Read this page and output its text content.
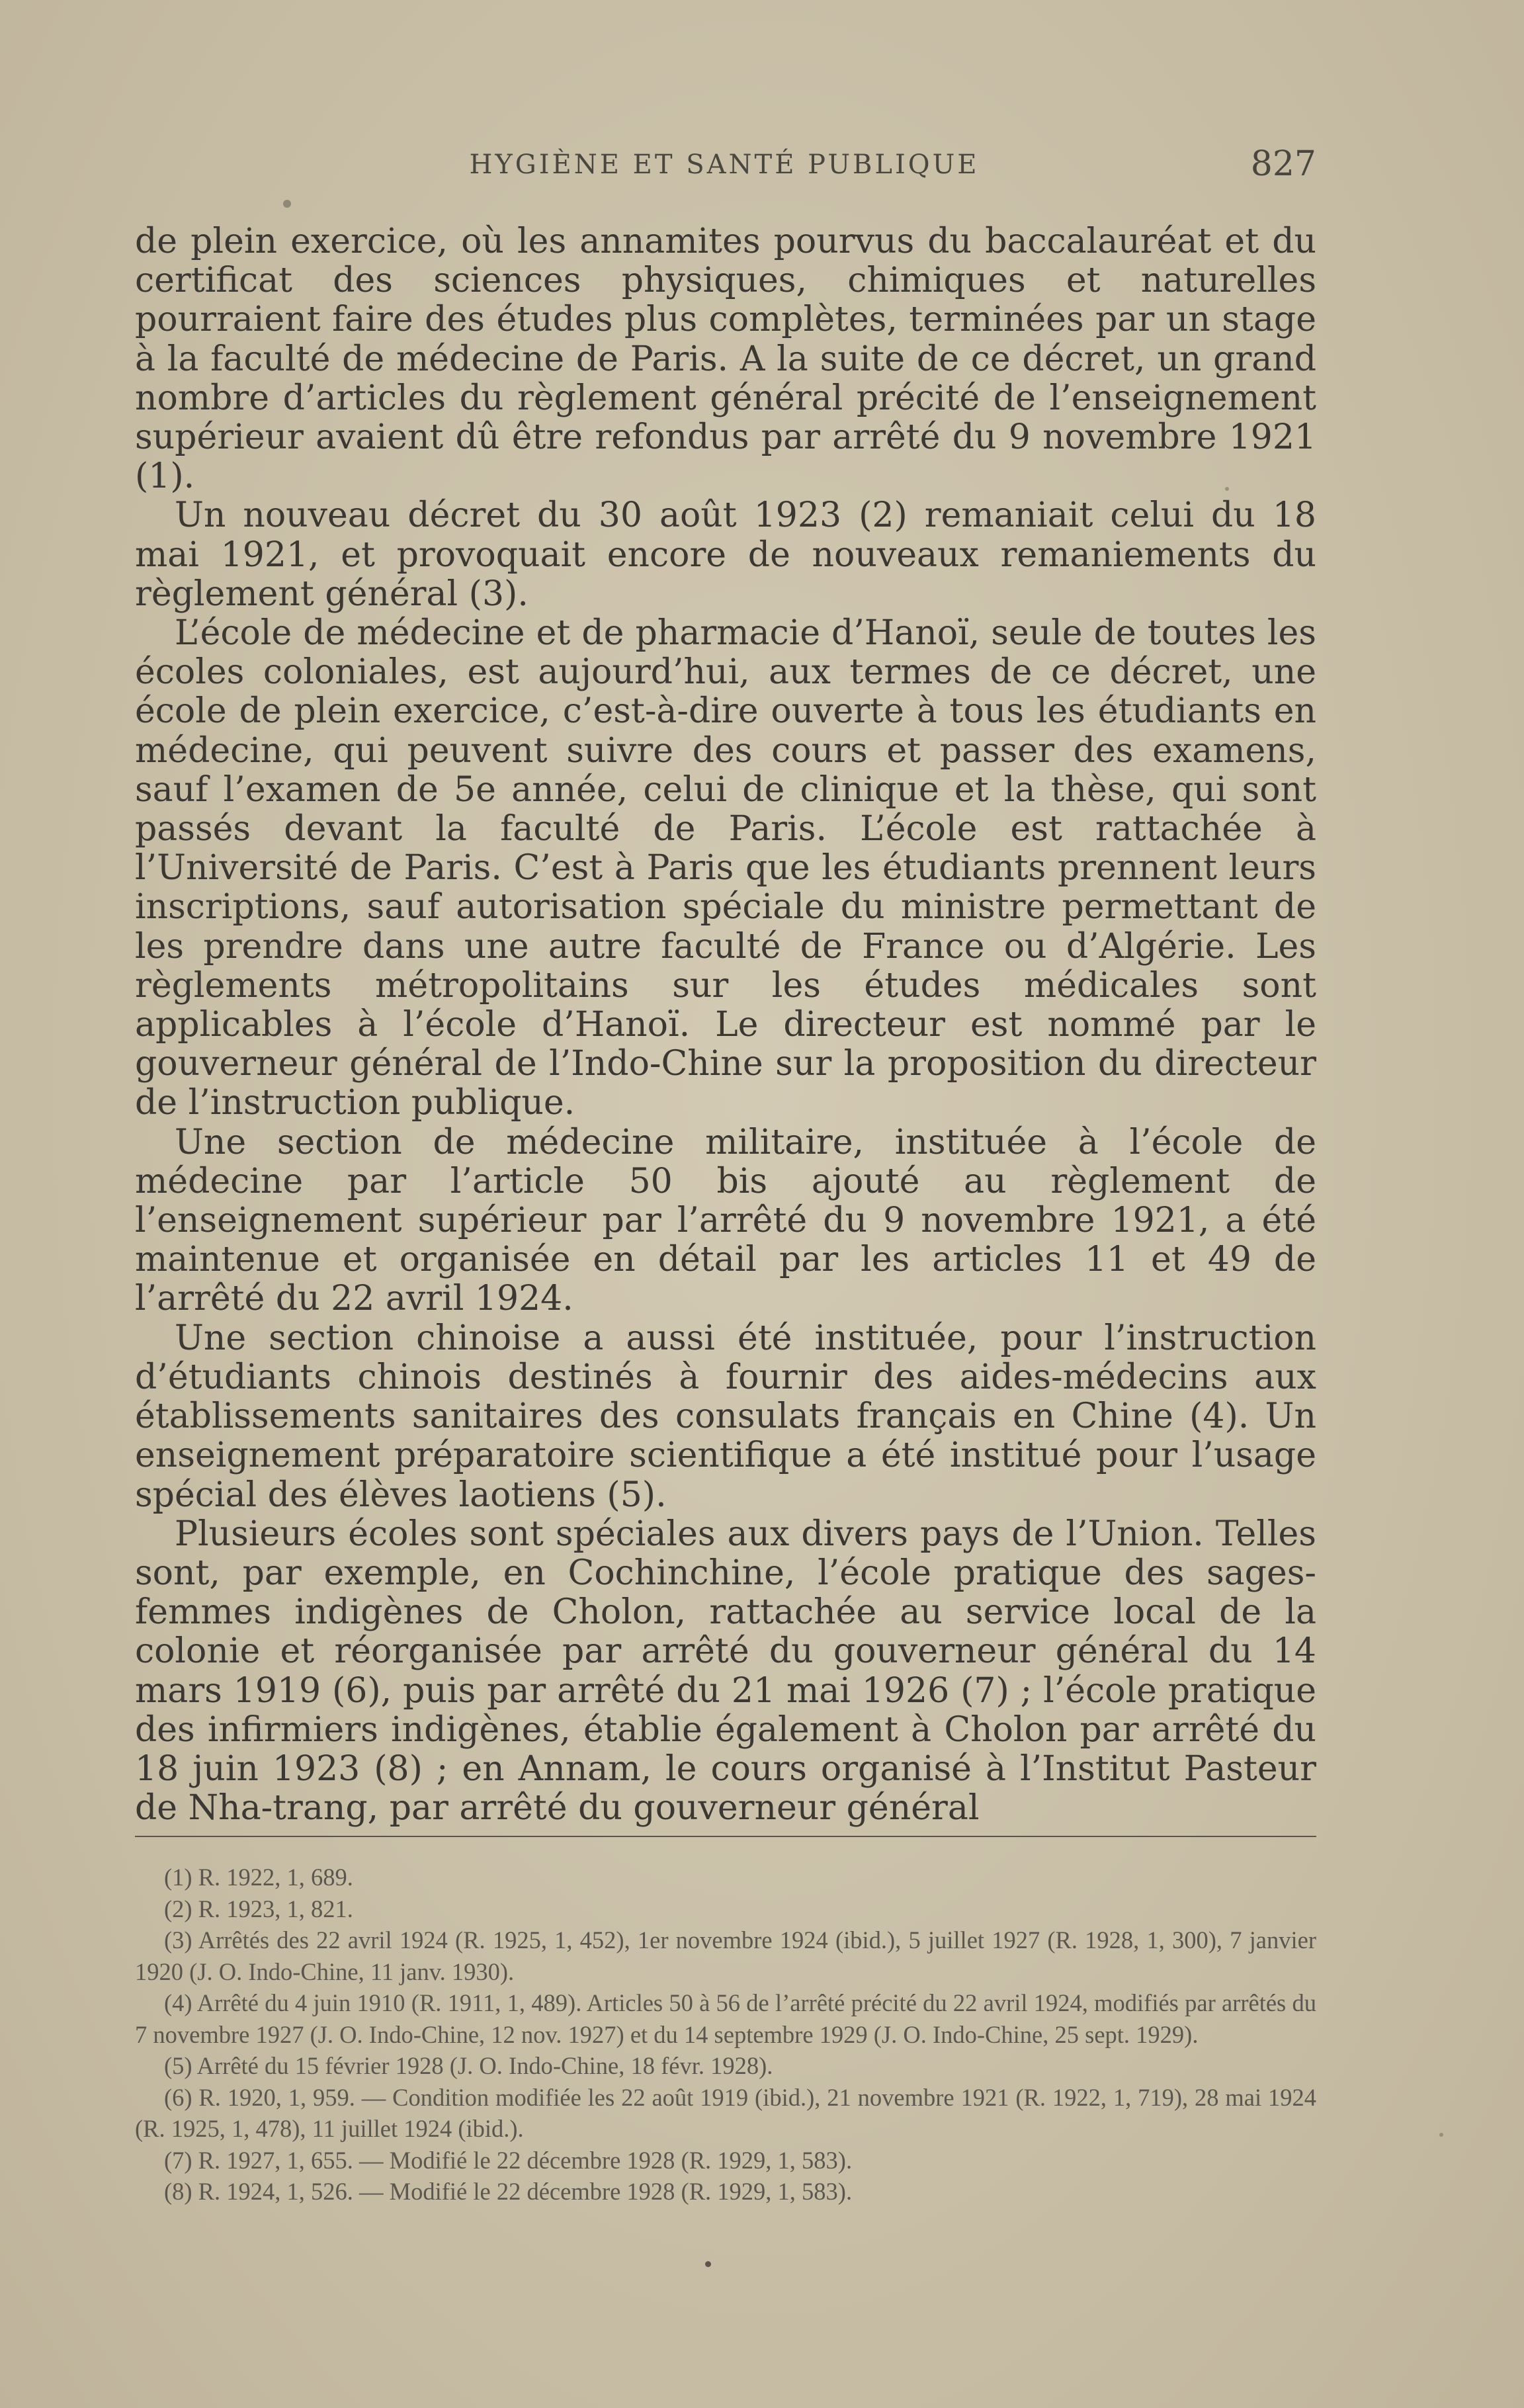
HYGIÈNE ET SANTÉ PUBLIQUE	827

de plein exercice, où les annamites pourvus du baccalauréat et du certificat des sciences physiques, chimiques et naturelles pourraient faire des études plus complètes, terminées par un stage à la faculté de médecine de Paris. A la suite de ce décret, un grand nombre d’articles du règlement général précité de l’enseignement supérieur avaient dû être refondus par arrêté du 9 novembre 1921 (1).

Un nouveau décret du 30 août 1923 (2) remaniait celui du 18 mai 1921, et provoquait encore de nouveaux remaniements du règlement général (3).

L’école de médecine et de pharmacie d’Hanoï, seule de toutes les écoles coloniales, est aujourd’hui, aux termes de ce décret, une école de plein exercice, c’est-à-dire ouverte à tous les étudiants en médecine, qui peuvent suivre des cours et passer des examens, sauf l’examen de 5e année, celui de clinique et la thèse, qui sont passés devant la faculté de Paris. L’école est rattachée à l’Université de Paris. C’est à Paris que les étudiants prennent leurs inscriptions, sauf autorisation spéciale du ministre permettant de les prendre dans une autre faculté de France ou d’Algérie. Les règlements métropolitains sur les études médicales sont applicables à l’école d’Hanoï. Le directeur est nommé par le gouverneur général de l’Indo-Chine sur la proposition du directeur de l’instruction publique.

Une section de médecine militaire, instituée à l’école de médecine par l’article 50 bis ajouté au règlement de l’enseignement supérieur par l’arrêté du 9 novembre 1921, a été maintenue et organisée en détail par les articles 11 et 49 de l’arrêté du 22 avril 1924.

Une section chinoise a aussi été instituée, pour l’instruction d’étudiants chinois destinés à fournir des aides-médecins aux établissements sanitaires des consulats français en Chine (4). Un enseignement préparatoire scientifique a été institué pour l’usage spécial des élèves laotiens (5).

Plusieurs écoles sont spéciales aux divers pays de l’Union. Telles sont, par exemple, en Cochinchine, l’école pratique des sages-femmes indigènes de Cholon, rattachée au service local de la colonie et réorganisée par arrêté du gouverneur général du 14 mars 1919 (6), puis par arrêté du 21 mai 1926 (7) ; l’école pratique des infirmiers indigènes, établie également à Cholon par arrêté du 18 juin 1923 (8) ; en Annam, le cours organisé à l’Institut Pasteur de Nha-trang, par arrêté du gouverneur général

(1) R. 1922, 1, 689.

(2) R. 1923, 1, 821.

(3) Arrêtés des 22 avril 1924 (R. 1925, 1, 452), 1er novembre 1924 (ibid.), 5 juillet 1927 (R. 1928, 1, 300), 7 janvier 1920 (J. O. Indo-Chine, 11 janv. 1930).

(4) Arrêté du 4 juin 1910 (R. 1911, 1, 489). Articles 50 à 56 de l’arrêté précité du 22 avril 1924, modifiés par arrêtés du 7 novembre 1927 (J. O. Indo-Chine, 12 nov. 1927) et du 14 septembre 1929 (J. O. Indo-Chine, 25 sept. 1929).

(5) Arrêté du 15 février 1928 (J. O. Indo-Chine, 18 févr. 1928).

(6) R. 1920, 1, 959. — Condition modifiée les 22 août 1919 (ibid.), 21 novembre 1921 (R. 1922, 1, 719), 28 mai 1924 (R. 1925, 1, 478), 11 juillet 1924 (ibid.).

(7) R. 1927, 1, 655. — Modifié le 22 décembre 1928 (R. 1929, 1, 583).

(8) R. 1924, 1, 526. — Modifié le 22 décembre 1928 (R. 1929, 1, 583).
